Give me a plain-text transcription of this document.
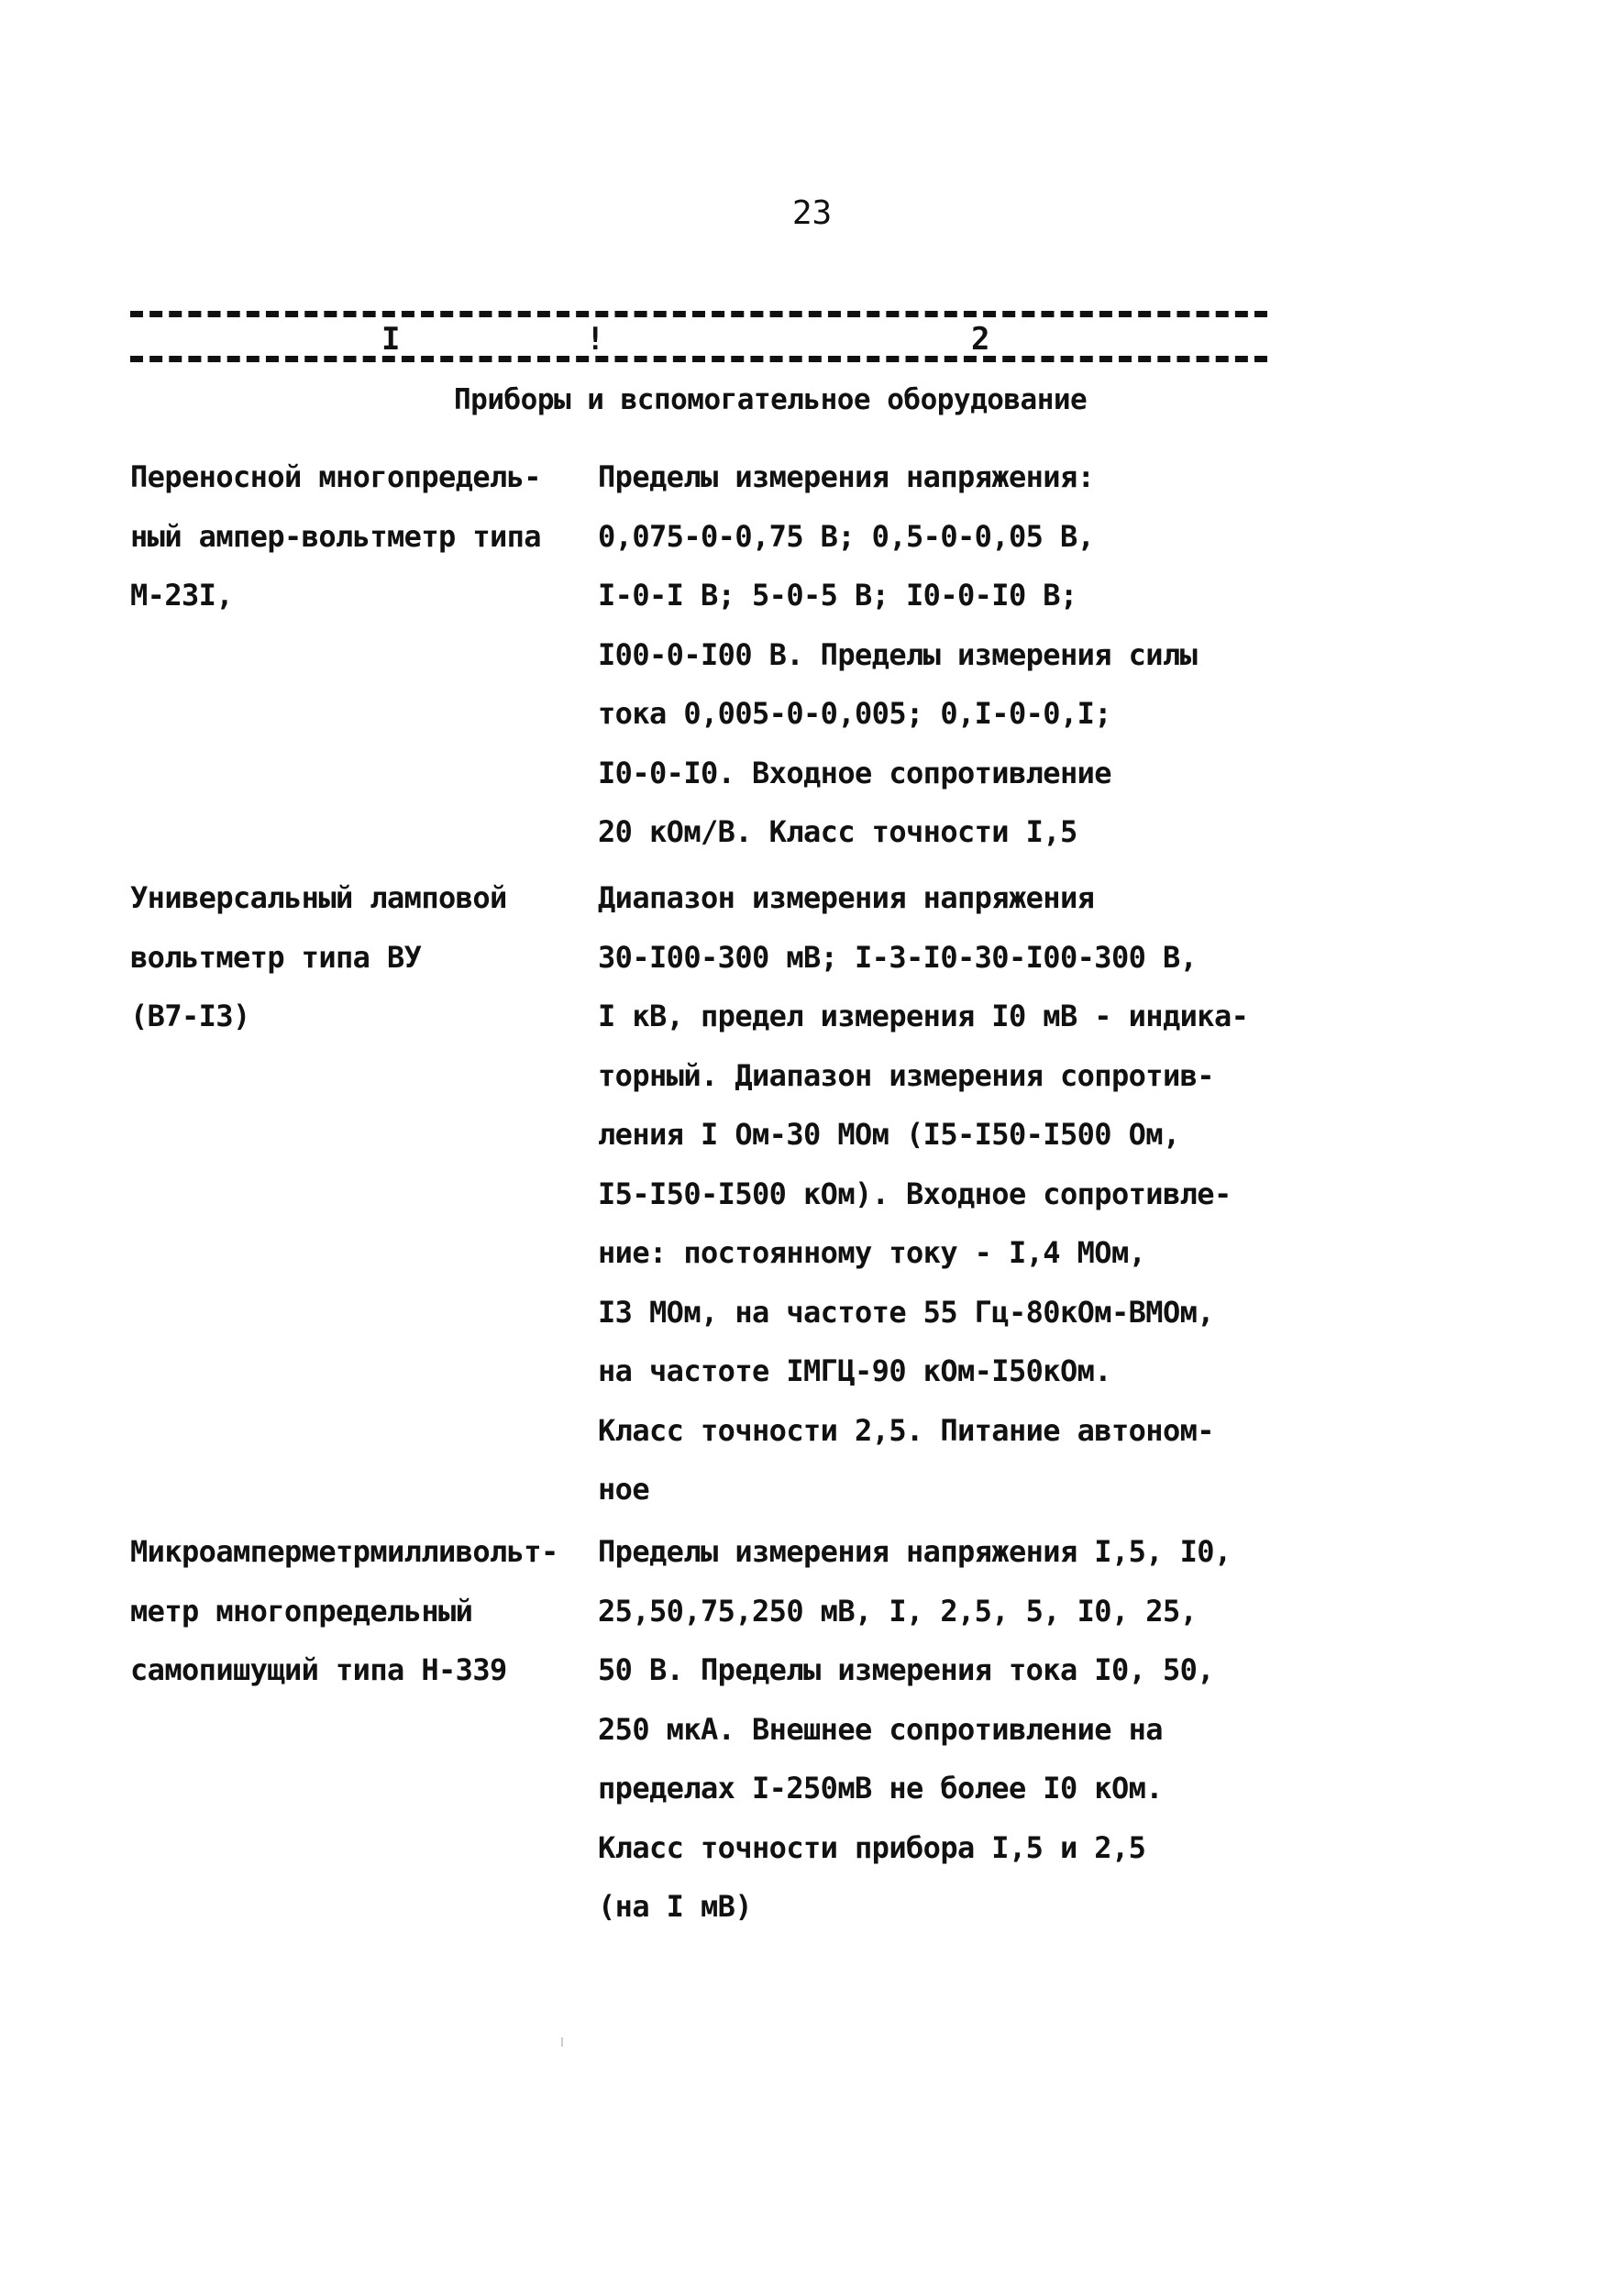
23
I	!	2
Приборы и вспомогательное оборудование
Переносной многопредель-
ный ампер-вольтметр типа
М-23I,
Пределы измерения напряжения:
0,075-0-0,75 В; 0,5-0-0,05 В,
I-0-I В; 5-0-5 В; I0-0-I0 В;
I00-0-I00 В. Пределы измерения силы
тока 0,005-0-0,005; 0,I-0-0,I;
I0-0-I0. Входное сопротивление
20 кОм/В. Класс точности I,5
Универсальный ламповой
вольтметр типа ВУ
(В7-I3)
Диапазон измерения напряжения
30-I00-300 мВ; I-3-I0-30-I00-300 В,
I кВ, предел измерения I0 мВ - индика-
торный. Диапазон измерения сопротив-
ления I Ом-30 МОм (I5-I50-I500 Ом,
I5-I50-I500 кОм). Входное сопротивле-
ние: постоянному току - I,4 МОм,
I3 МОм, на частоте 55 Гц-80кОм-ВМОм,
на частоте IМГЦ-90 кОм-I50кОм.
Класс точности 2,5. Питание автоном-
ное
Микроамперметрмилливольт-
метр многопредельный
самопишущий типа Н-339
Пределы измерения напряжения I,5, I0,
25,50,75,250 мВ, I, 2,5, 5, I0, 25,
50 В. Пределы измерения тока I0, 50,
250 мкА. Внешнее сопротивление на
пределах I-250мВ не более I0 кОм.
Класс точности прибора I,5 и 2,5
(на I мВ)
